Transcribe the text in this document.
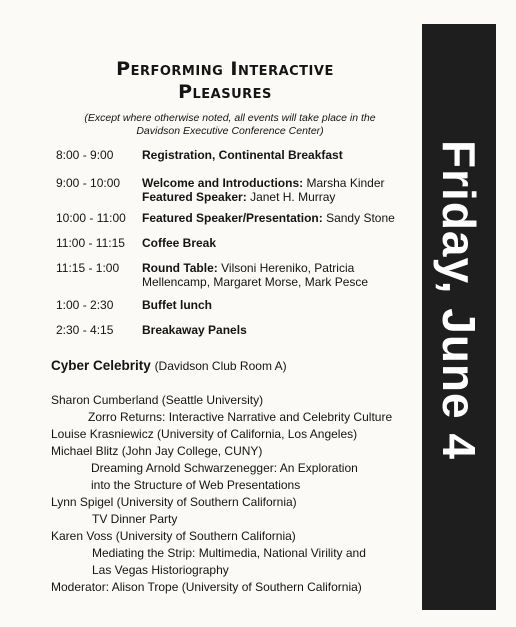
Friday, June 4
Performing Interactive
Pleasures
(Except where otherwise noted, all events will take place in the
Davidson Executive Conference Center)
8:00 - 9:00	Registration, Continental Breakfast
9:00 - 10:00	Welcome and Introductions: Marsha Kinder
Featured Speaker: Janet H. Murray
10:00 - 11:00	Featured Speaker/Presentation: Sandy Stone
11:00 - 11:15	Coffee Break
11:15 - 1:00	Round Table: Vilsoni Hereniko, Patricia
Mellencamp, Margaret Morse, Mark Pesce
1:00 - 2:30	Buffet lunch
2:30 - 4:15	Breakaway Panels
Cyber Celebrity (Davidson Club Room A)
Sharon Cumberland (Seattle University)
Zorro Returns: Interactive Narrative and Celebrity Culture
Louise Krasniewicz (University of California, Los Angeles)
Michael Blitz (John Jay College, CUNY)
Dreaming Arnold Schwarzenegger: An Exploration
into the Structure of Web Presentations
Lynn Spigel (University of Southern California)
TV Dinner Party
Karen Voss (University of Southern California)
Mediating the Strip: Multimedia, National Virility and
Las Vegas Historiography
Moderator: Alison Trope (University of Southern California)
